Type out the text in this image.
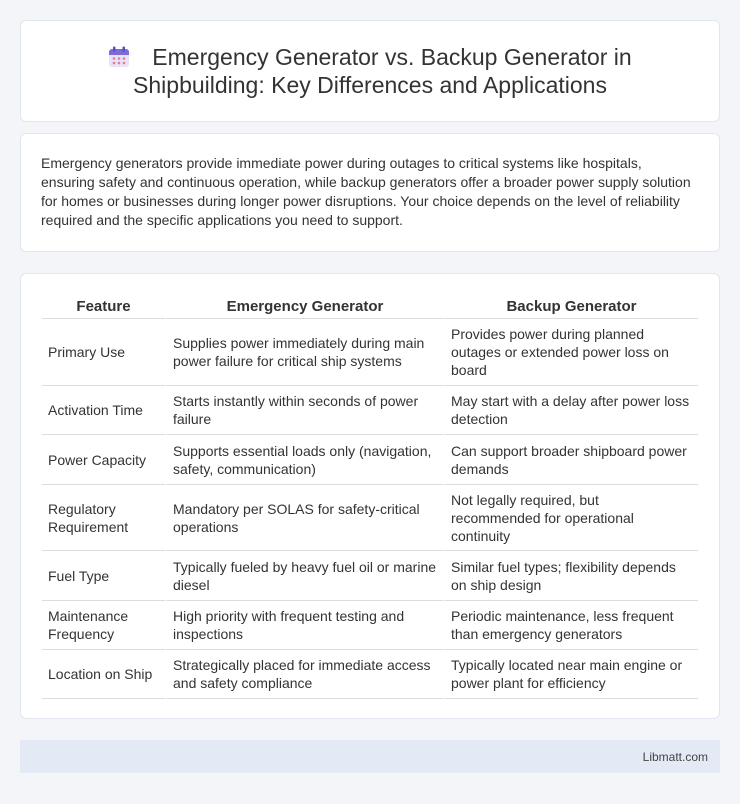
Emergency Generator vs. Backup Generator in Shipbuilding: Key Differences and Applications

Emergency generators provide immediate power during outages to critical systems like hospitals, ensuring safety and continuous operation, while backup generators offer a broader power supply solution for homes or businesses during longer power disruptions. Your choice depends on the level of reliability required and the specific applications you need to support.

Feature	Emergency Generator	Backup Generator
Primary Use	Supplies power immediately during main power failure for critical ship systems	Provides power during planned outages or extended power loss on board
Activation Time	Starts instantly within seconds of power failure	May start with a delay after power loss detection
Power Capacity	Supports essential loads only (navigation, safety, communication)	Can support broader shipboard power demands
Regulatory Requirement	Mandatory per SOLAS for safety-critical operations	Not legally required, but recommended for operational continuity
Fuel Type	Typically fueled by heavy fuel oil or marine diesel	Similar fuel types; flexibility depends on ship design
Maintenance Frequency	High priority with frequent testing and inspections	Periodic maintenance, less frequent than emergency generators
Location on Ship	Strategically placed for immediate access and safety compliance	Typically located near main engine or power plant for efficiency
Libmatt.com
